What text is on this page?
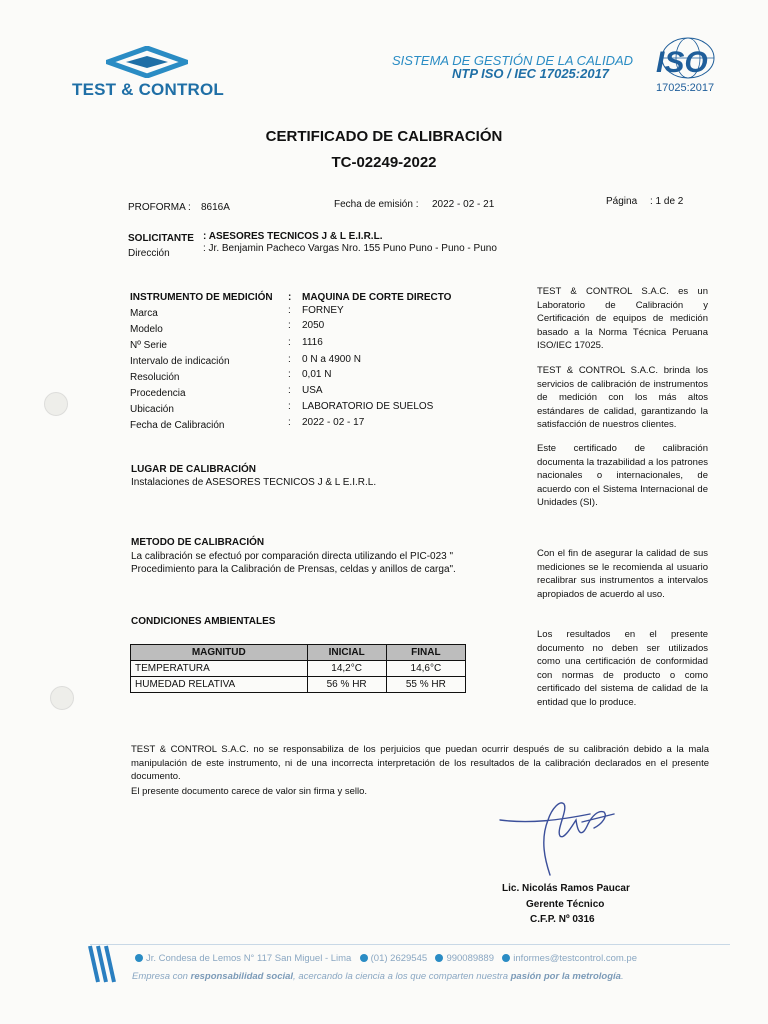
TEST & CONTROL
SISTEMA DE GESTIÓN DE LA CALIDAD
NTP ISO / IEC 17025:2017 ISO
17025:2017
CERTIFICADO DE CALIBRACIÓN
TC-02249-2022
PROFORMA : 8616A	Fecha de emisión : 2022 - 02 - 21	Página : 1 de 2
SOLICITANTE : ASESORES TECNICOS J & L E.I.R.L.
Dirección	: Jr. Benjamin Pacheco Vargas Nro. 155 Puno Puno - Puno - Puno
INSTRUMENTO DE MEDICIÓN : MAQUINA DE CORTE DIRECTO
Marca	: FORNEY
Modelo	: 2050
Nº Serie	: 1116
Intervalo de indicación	: 0 N a 4900 N
Resolución	: 0,01 N
Procedencia	: USA
Ubicación	: LABORATORIO DE SUELOS
Fecha de Calibración	: 2022 - 02 - 17
LUGAR DE CALIBRACIÓN
Instalaciones de ASESORES TECNICOS J & L E.I.R.L.
METODO DE CALIBRACIÓN
La calibración se efectuó por comparación directa utilizando el PIC-023 "
Procedimiento para la Calibración de Prensas, celdas y anillos de carga".
CONDICIONES AMBIENTALES
MAGNITUD	INICIAL	FINAL
TEMPERATURA	14,2°C	14,6°C
HUMEDAD RELATIVA	56 % HR	55 % HR
TEST & CONTROL S.A.C. es un Laboratorio de Calibración y Certificación de equipos de medición basado a la Norma Técnica Peruana ISO/IEC 17025.
TEST & CONTROL S.A.C. brinda los servicios de calibración de instrumentos de medición con los más altos estándares de calidad, garantizando la satisfacción de nuestros clientes.
Este certificado de calibración documenta la trazabilidad a los patrones nacionales o internacionales, de acuerdo con el Sistema Internacional de Unidades (SI).
Con el fin de asegurar la calidad de sus mediciones se le recomienda al usuario recalibrar sus instrumentos a intervalos apropiados de acuerdo al uso.
Los resultados en el presente documento no deben ser utilizados como una certificación de conformidad con normas de producto o como certificado del sistema de calidad de la entidad que lo produce.
TEST & CONTROL S.A.C. no se responsabiliza de los perjuicios que puedan ocurrir después de su calibración debido a la mala manipulación de este instrumento, ni de una incorrecta interpretación de los resultados de la calibración declarados en el presente documento.
El presente documento carece de valor sin firma y sello.
Lic. Nicolás Ramos Paucar
Gerente Técnico
C.F.P. Nº 0316
Jr. Condesa de Lemos N° 117 San Miguel - Lima (01) 2629545 990089889 informes@testcontrol.com.pe
Empresa con responsabilidad social, acercando la ciencia a los que comparten nuestra pasión por la metrología.
